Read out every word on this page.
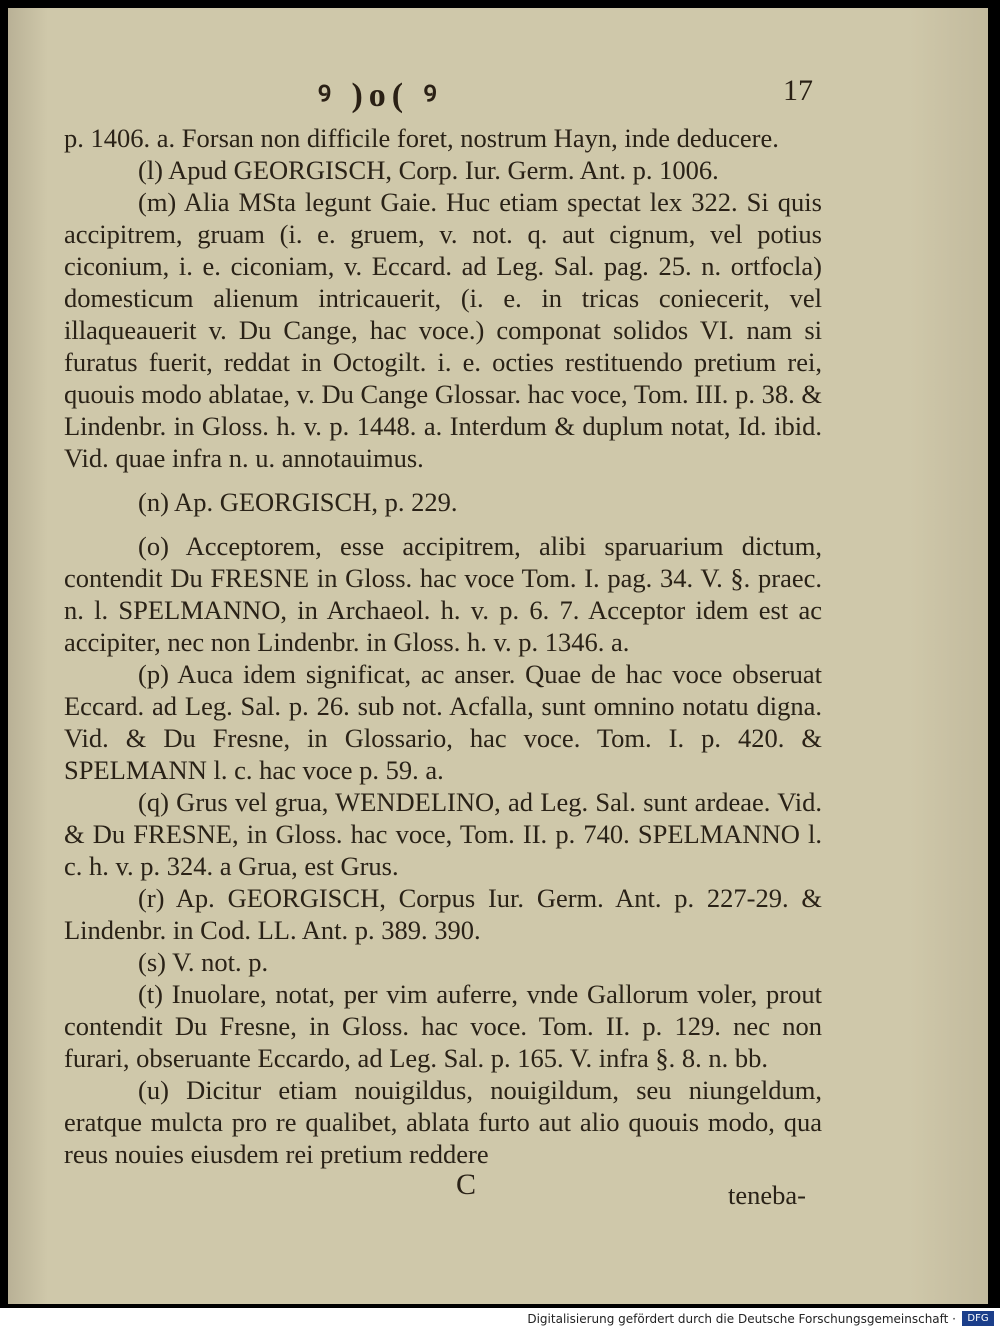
ꝰ )o( ꝰ	17

p. 1406. a. Forsan non difficile foret, nostrum Hayn, inde deducere.

(l) Apud GEORGISCH, Corp. Iur. Germ. Ant. p. 1006.

(m) Alia MSta legunt Gaie. Huc etiam spectat lex 322. Si quis accipitrem, gruam (i. e. gruem, v. not. q. aut cignum, vel potius ciconium, i. e. ciconiam, v. Eccard. ad Leg. Sal. pag. 25. n. ortfocla) domesticum alienum intricauerit, (i. e. in tricas coniecerit, vel illaqueauerit v. Du Cange, hac voce.) componat solidos VI. nam si furatus fuerit, reddat in Octogilt. i. e. octies restituendo pretium rei, quouis modo ablatae, v. Du Cange Glossar. hac voce, Tom. III. p. 38. & Lindenbr. in Gloss. h. v. p. 1448. a. Interdum & duplum notat, Id. ibid. Vid. quae infra n. u. annotauimus.

(n) Ap. GEORGISCH, p. 229.

(o) Acceptorem, esse accipitrem, alibi sparuarium dictum, contendit Du FRESNE in Gloss. hac voce Tom. I. pag. 34. V. §. praec. n. l. SPELMANNO, in Archaeol. h. v. p. 6. 7. Acceptor idem est ac accipiter, nec non Lindenbr. in Gloss. h. v. p. 1346. a.

(p) Auca idem significat, ac anser. Quae de hac voce obseruat Eccard. ad Leg. Sal. p. 26. sub not. Acfalla, sunt omnino notatu digna. Vid. & Du Fresne, in Glossario, hac voce. Tom. I. p. 420. & SPELMANN l. c. hac voce p. 59. a.

(q) Grus vel grua, WENDELINO, ad Leg. Sal. sunt ardeae. Vid. & Du FRESNE, in Gloss. hac voce, Tom. II. p. 740. SPELMANNO l. c. h. v. p. 324. a Grua, est Grus.

(r) Ap. GEORGISCH, Corpus Iur. Germ. Ant. p. 227-29. & Lindenbr. in Cod. LL. Ant. p. 389. 390.

(s) V. not. p.

(t) Inuolare, notat, per vim auferre, vnde Gallorum voler, prout contendit Du Fresne, in Gloss. hac voce. Tom. II. p. 129. nec non furari, obseruante Eccardo, ad Leg. Sal. p. 165. V. infra §. 8. n. bb.

(u) Dicitur etiam nouigildus, nouigildum, seu niungeldum, eratque mulcta pro re qualibet, ablata furto aut alio quouis modo, qua reus nouies eiusdem rei pretium reddere

C	teneba-
Digitalisierung gefördert durch die Deutsche Forschungsgemeinschaft ·	DFG
